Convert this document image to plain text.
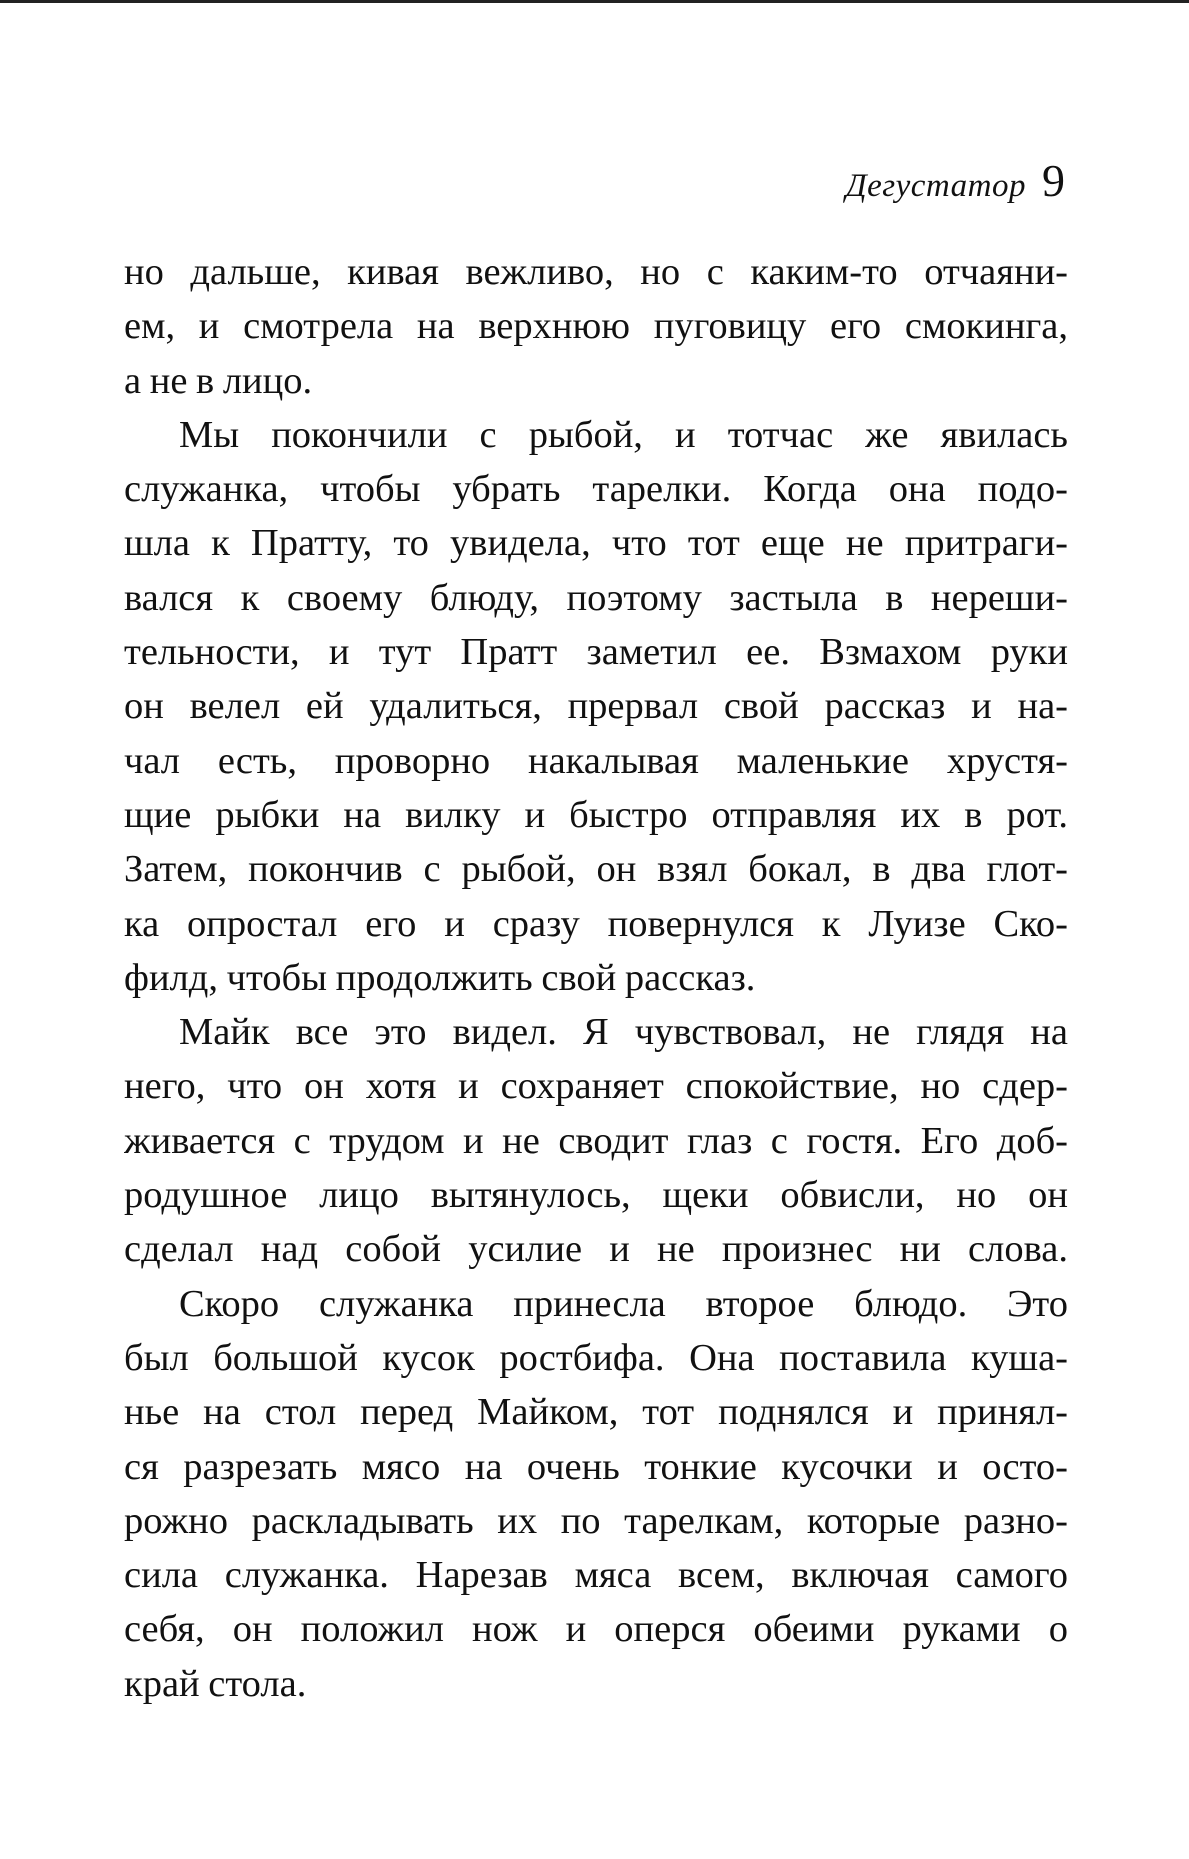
Дегустатор 9
но дальше, кивая вежливо, но с каким-то отчаяни-
ем, и смотрела на верхнюю пуговицу его смокинга,
а не в лицо.
Мы покончили с рыбой, и тотчас же явилась
служанка, чтобы убрать тарелки. Когда она подо-
шла к Пратту, то увидела, что тот еще не притраги-
вался к своему блюду, поэтому застыла в нереши-
тельности, и тут Пратт заметил ее. Взмахом руки
он велел ей удалиться, прервал свой рассказ и на-
чал есть, проворно накалывая маленькие хрустя-
щие рыбки на вилку и быстро отправляя их в рот.
Затем, покончив с рыбой, он взял бокал, в два глот-
ка опростал его и сразу повернулся к Луизе Ско-
филд, чтобы продолжить свой рассказ.
Майк все это видел. Я чувствовал, не глядя на
него, что он хотя и сохраняет спокойствие, но сдер-
живается с трудом и не сводит глаз с гостя. Его доб-
родушное лицо вытянулось, щеки обвисли, но он
сделал над собой усилие и не произнес ни слова.
Скоро служанка принесла второе блюдо. Это
был большой кусок ростбифа. Она поставила куша-
нье на стол перед Майком, тот поднялся и принял-
ся разрезать мясо на очень тонкие кусочки и осто-
рожно раскладывать их по тарелкам, которые разно-
сила служанка. Нарезав мяса всем, включая самого
себя, он положил нож и оперся обеими руками о
край стола.
